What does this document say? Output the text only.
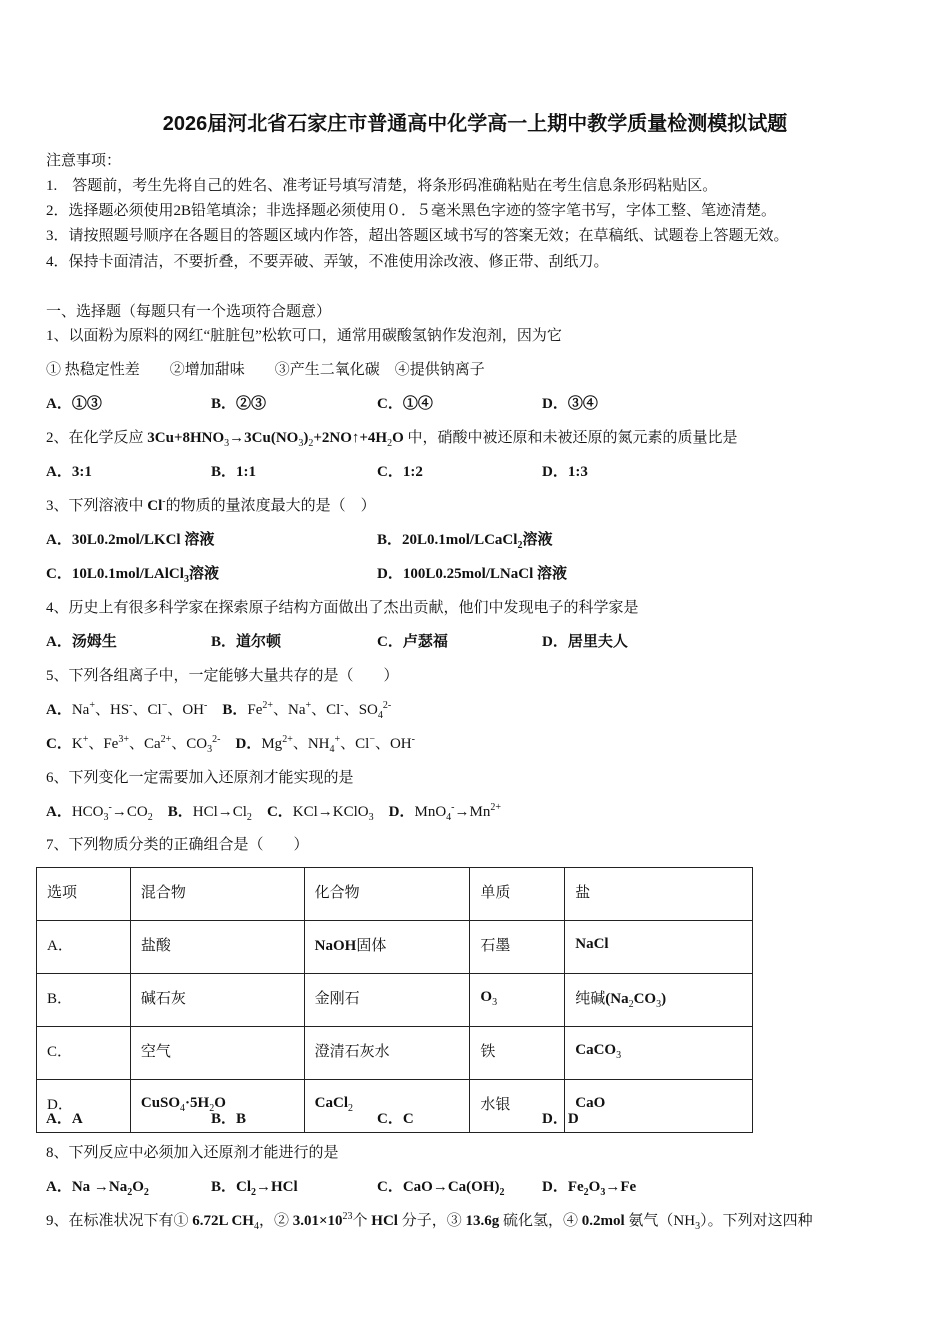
2026届河北省石家庄市普通高中化学高一上期中教学质量检测模拟试题
注意事项：
1.　答题前，考生先将自己的姓名、准考证号填写清楚，将条形码准确粘贴在考生信息条形码粘贴区。
2．选择题必须使用2B铅笔填涂；非选择题必须使用０．５毫米黑色字迹的签字笔书写，字体工整、笔迹清楚。
3．请按照题号顺序在各题目的答题区域内作答，超出答题区域书写的答案无效；在草稿纸、试题卷上答题无效。
4．保持卡面清洁，不要折叠，不要弄破、弄皱，不准使用涂改液、修正带、刮纸刀。
一、选择题（每题只有一个选项符合题意）
1、以面粉为原料的网红“脏脏包”松软可口，通常用碳酸氢钠作发泡剂，因为它
① 热稳定性差　　②增加甜味　　③产生二氧化碳　④提供钠离子
A．①③	B．②③	C．①④	D．③④
2、在化学反应 $3Cu+8HNO_3\to 3Cu(NO_3)_2+2NO↑+4H_2O$ 中，硝酸中被还原和未被还原的氮元素的质量比是
A．3:1	B．1:1	C．1:2	D．1:3
3、下列溶液中 Cl-的物质的量浓度最大的是（　）
A．30L0.2mol/LKCl 溶液	B．20L0.1mol/LCaCl$_2$溶液
C．10L0.1mol/LAlCl$_3$溶液	D．100L0.25mol/LNaCl 溶液
4、历史上有很多科学家在探索原子结构方面做出了杰出贡献，他们中发现电子的科学家是
A．汤姆生	B．道尔顿	C．卢瑟福	D．居里夫人
5、下列各组离子中，一定能够大量共存的是（　　）
A．Na+、HS-、Cl−、OH-　 B．$Fe^{2+}$、Na+、Cl-、$SO_4^{2-}$
C．K+、$Fe^{3+}$、$Ca^{2+}$、$CO_3^{2-}$　 D．$Mg^{2+}$、$NH_4^+$、Cl−、OH-
6、下列变化一定需要加入还原剂才能实现的是
A．$HCO_3^-\to CO_2$　 B．$HCl\to Cl_2$　 C．KCl→KClO$_3$　 D．$MnO_4^-\to Mn^{2+}$
7、下列物质分类的正确组合是（　　）
选项	混合物	化合物	单质	盐
A．	盐酸	NaOH固体	石墨	NaCl
B．	碱石灰	金刚石	$O_3$	纯碱$(Na_2CO_3)$
C．	空气	澄清石灰水	铁	CaCO$_3$
D．	$CuSO_4\cdot 5H_2O$	CaCl$_2$	水银	CaO
A．A	B．B	C．C	D．D
8、下列反应中必须加入还原剂才能进行的是
A．$Na \to Na_2O_2$	B．$Cl_2\to HCl$	C．$CaO\to Ca(OH)_2$	D．$Fe_2O_3\to Fe$
9、在标准状况下有① 6.72L $CH_4$，② $3.01\times 10^{23}$个 HCl 分子，③ 13.6g 硫化氢，④ 0.2mol 氨气$(NH_3)$。下列对这四种
